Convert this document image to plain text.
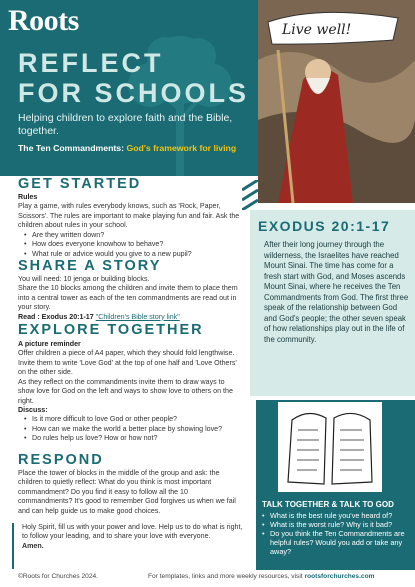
Roots
REFLECT
FOR SCHOOLS
Helping children to explore faith and the Bible, together.
The Ten Commandments: God's framework for living
Live well!
EXODUS 20:1-17
After their long journey through the wilderness, the Israelites have reached Mount Sinai. The time has come for a fresh start with God, and Moses ascends Mount Sinai, where he receives the Ten Commandments from God. The first three speak of the relationship between God and God's people; the other seven speak of how relationships play out in the life of the community.
TALK TOGETHER & TALK TO GOD
• What is the best rule you've heard of?
• What is the worst rule? Why is it bad?
• Do you think the Ten Commandments are helpful rules? Would you add or take any away?
GET STARTED
Rules
Play a game, with rules everybody knows, such as 'Rock, Paper, Scissors'. The rules are important to make playing fun and fair. Ask the children about rules in your school.
• Are they written down?
• How does everyone knowhow to behave?
• What rule or advice would you give to a new pupil?
SHARE A STORY
You will need: 10 jenga or building blocks.
Share the 10 blocks among the children and invite them to place them into a central tower as each of the ten commandments are read out in your story.
Read : Exodus 20:1-17 "Children's Bible story link"
EXPLORE TOGETHER
A picture reminder
Offer children a piece of A4 paper, which they should fold lengthwise. Invite them to write 'Love God' at the top of one half and 'Love Others' on the other side.
As they reflect on the commandments invite them to draw ways to show love for God on the left and ways to show love to others on the right.
Discuss:
• Is it more difficult to love God or other people?
• How can we make the world a better place by showing love?
• Do rules help us love? How or how not?
RESPOND
Place the tower of blocks in the middle of the group and ask: the children to quietly reflect: What do you think is most important commandment? Do you find it easy to follow all the 10 commandments? It's good to remember God forgives us when we fail and can help guide us to make good choices.
Holy Spirit, fill us with your power and love. Help us to do what is right, to follow your leading, and to share your love with everyone.
Amen.
©Roots for Churches 2024.	For templates, links and more weekly resources, visit rootsforchurches.com
